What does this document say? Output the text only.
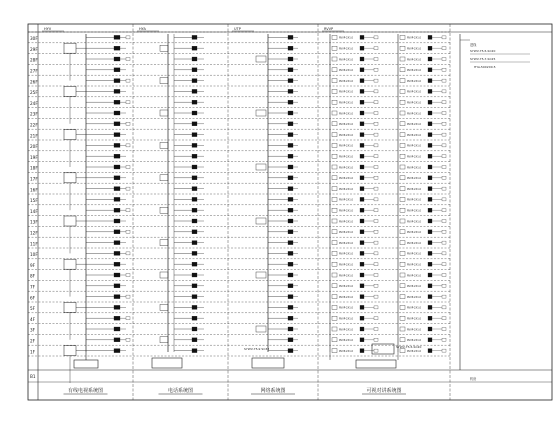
30F
29F
28F
27F
26F
25F
24F
23F
22F
21F
20F
19F
18F
17F
16F
15F
14F
13F
12F
11F
10F
9F
8F
7F
6F
5F
4F
3F
2F
1F
B1
HYV
有线电视系统图
HYA
电话系统图
UTP
网络系统图
RVVP
可视对讲系统图
SYWV-75-9 SC32
RVVP-2X1.0	RVVP-2X1.0
RVVP-2X1.0	RVVP-2X1.0
RVVP-2X1.0	RVVP-2X1.0
RVVP-2X1.0	RVVP-2X1.0
RVVP-2X1.0	RVVP-2X1.0
RVVP-2X1.0	RVVP-2X1.0
RVVP-2X1.0	RVVP-2X1.0
RVVP-2X1.0	RVVP-2X1.0
RVVP-2X1.0	RVVP-2X1.0
RVVP-2X1.0	RVVP-2X1.0
RVVP-2X1.0	RVVP-2X1.0
RVVP-2X1.0	RVVP-2X1.0
RVVP-2X1.0	RVVP-2X1.0
RVVP-2X1.0	RVVP-2X1.0
RVVP-2X1.0	RVVP-2X1.0
RVVP-2X1.0	RVVP-2X1.0
RVVP-2X1.0	RVVP-2X1.0
RVVP-2X1.0	RVVP-2X1.0
RVVP-2X1.0	RVVP-2X1.0
RVVP-2X1.0	RVVP-2X1.0
RVVP-2X1.0	RVVP-2X1.0
RVVP-2X1.0	RVVP-2X1.0
RVVP-2X1.0	RVVP-2X1.0
RVVP-2X1.0	RVVP-2X1.0
RVVP-2X1.0	RVVP-2X1.0
RVVP-2X1.0	RVVP-2X1.0
RVVP-2X1.0	RVVP-2X1.0
RVVP-2X1.0	RVVP-2X1.0
RVVP-2X1.0	RVVP-2X1.0
RVVP-2X1.0	RVVP-2X1.0
SYWV-75-5-SC20
SYWV-75-5-SC20
SYWV-75-7-SC25
进线
机房
HYA-50X2X0.5
